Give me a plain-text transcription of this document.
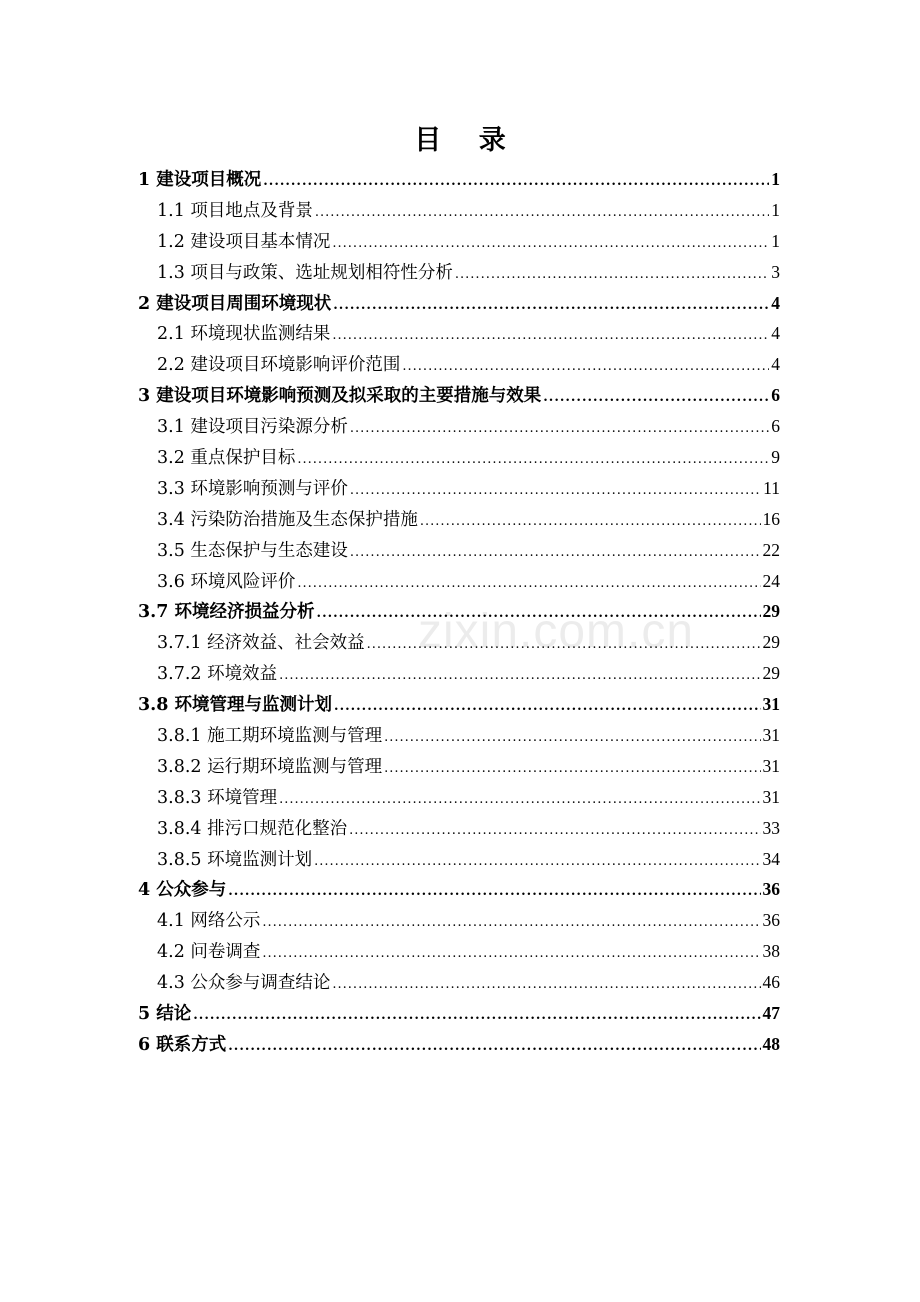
目 录
1 建设项目概况 .....	1
1.1 项目地点及背景 .....	1
1.2 建设项目基本情况 .....	1
1.3 项目与政策、选址规划相符性分析 .....	3
2 建设项目周围环境现状 .....	4
2.1 环境现状监测结果 .....	4
2.2 建设项目环境影响评价范围 .....	4
3 建设项目环境影响预测及拟采取的主要措施与效果 .....	6
3.1 建设项目污染源分析 .....	6
3.2 重点保护目标 .....	9
3.3 环境影响预测与评价 .....	11
3.4 污染防治措施及生态保护措施 .....	16
3.5 生态保护与生态建设 .....	22
3.6 环境风险评价 .....	24
3.7 环境经济损益分析 .....	29
3.7.1 经济效益、社会效益 .....	29
3.7.2 环境效益 .....	29
3.8 环境管理与监测计划 .....	31
3.8.1 施工期环境监测与管理 .....	31
3.8.2 运行期环境监测与管理 .....	31
3.8.3 环境管理 .....	31
3.8.4 排污口规范化整治 .....	33
3.8.5 环境监测计划 .....	34
4 公众参与 .....	36
4.1 网络公示 .....	36
4.2 问卷调查 .....	38
4.3 公众参与调查结论 .....	46
5 结论 .....	47
6 联系方式 .....	48
zixin.com.cn
